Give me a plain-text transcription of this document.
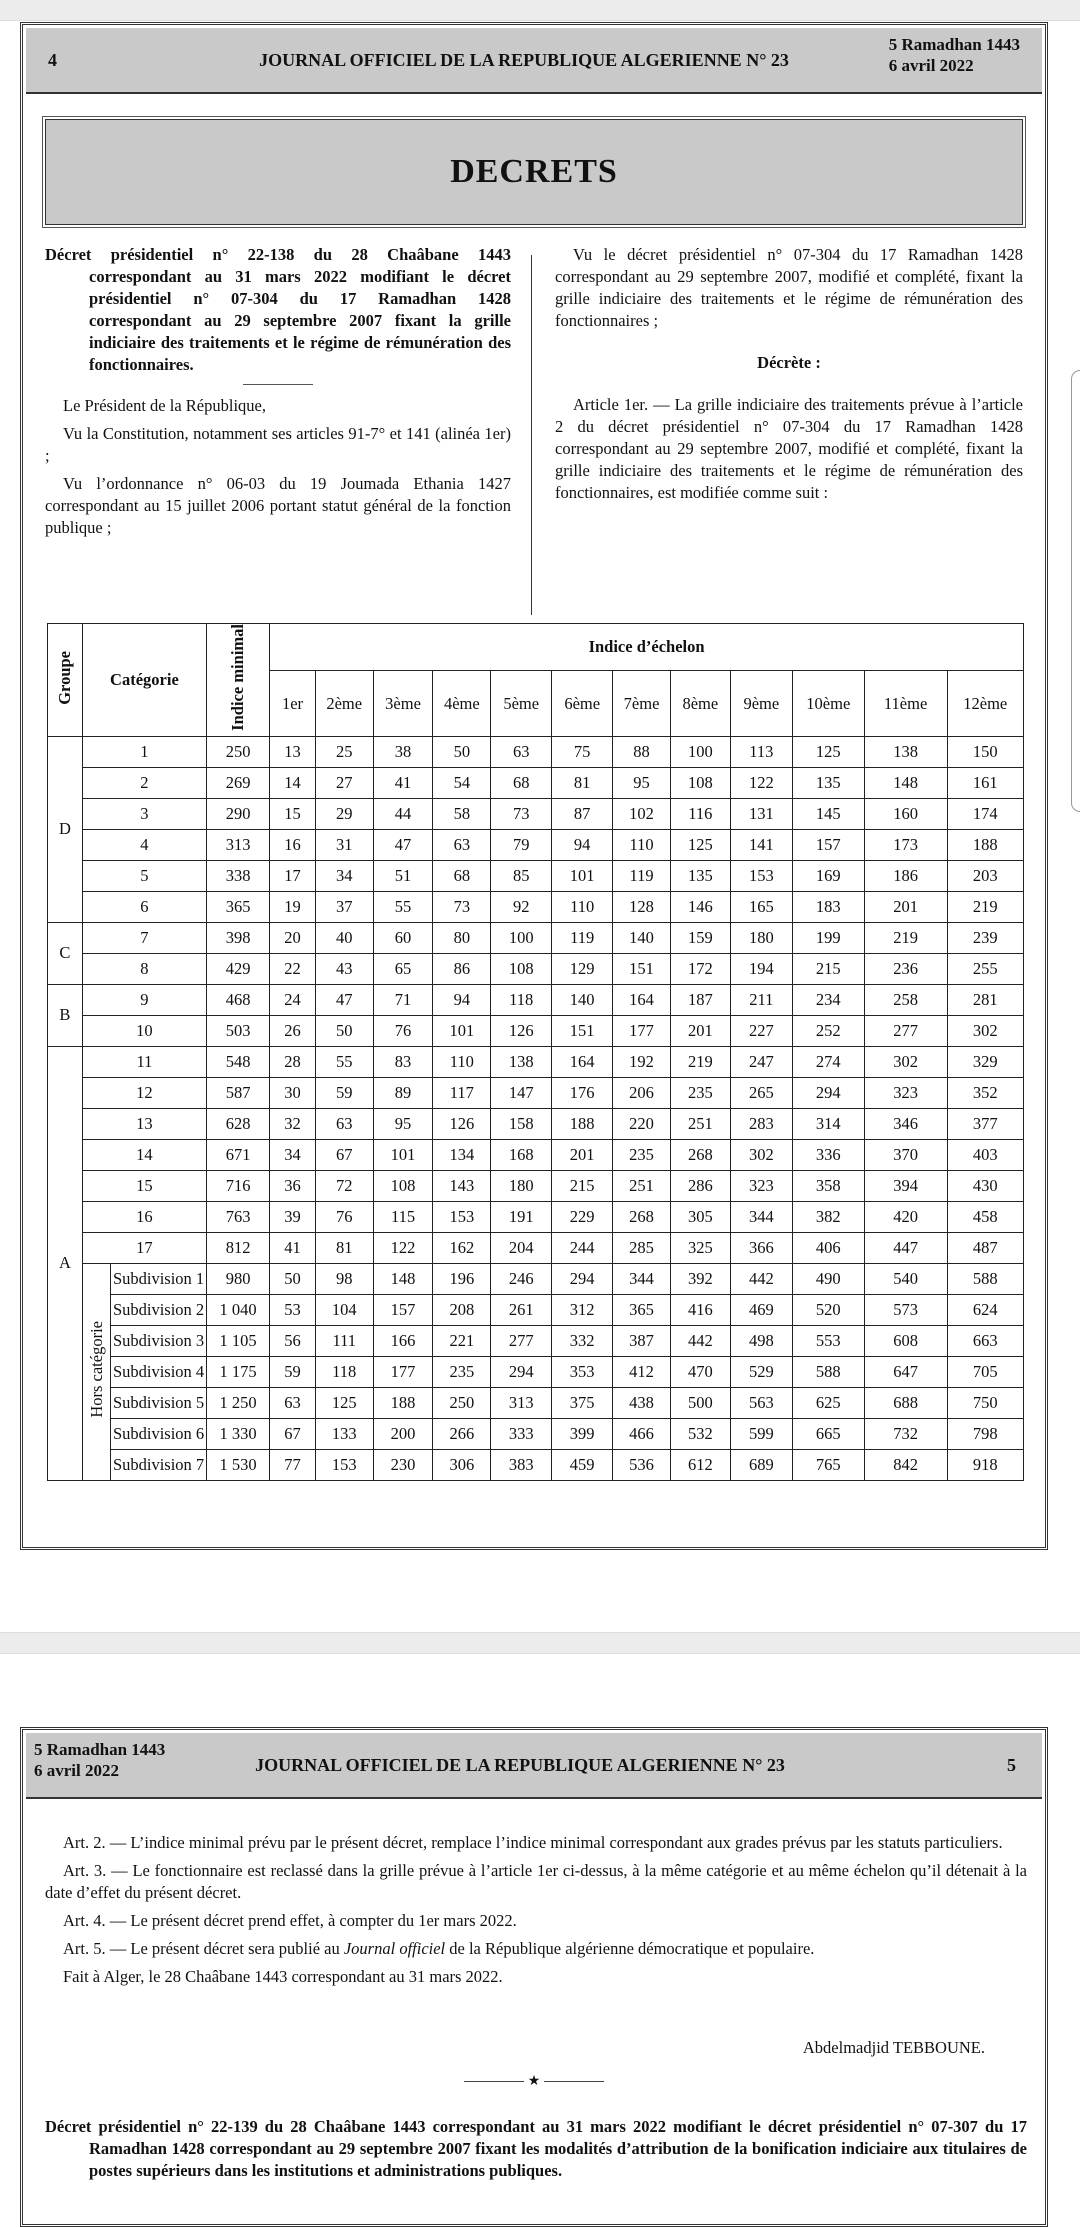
4	JOURNAL OFFICIEL DE LA REPUBLIQUE ALGERIENNE N° 23
5 Ramadhan 1443
6 avril 2022
DECRETS

Décret présidentiel n° 22-138 du 28 Chaâbane 1443 correspondant au 31 mars 2022 modifiant le décret présidentiel n° 07-304 du 17 Ramadhan 1428 correspondant au 29 septembre 2007 fixant la grille indiciaire des traitements et le régime de rémunération des fonctionnaires.

Le Président de la République,

Vu la Constitution, notamment ses articles 91-7° et 141 (alinéa 1er) ;

Vu l’ordonnance n° 06-03 du 19 Joumada Ethania 1427 correspondant au 15 juillet 2006 portant statut général de la fonction publique ;

Vu le décret présidentiel n° 07-304 du 17 Ramadhan 1428 correspondant au 29 septembre 2007, modifié et complété, fixant la grille indiciaire des traitements et le régime de rémunération des fonctionnaires ;

Décrète :

Article 1er. — La grille indiciaire des traitements prévue à l’article 2 du décret présidentiel n° 07-304 du 17 Ramadhan 1428 correspondant au 29 septembre 2007, modifié et complété, fixant la grille indiciaire des traitements et le régime de rémunération des fonctionnaires, est modifiée comme suit :

Groupe	Catégorie		Indice minimal	Indice d’échelon											
				1er	2ème	3ème	4ème	5ème	6ème	7ème	8ème	9ème	10ème	11ème	12ème
D	1		250	13	25	38	50	63	75	88	100	113	125	138	150
	2		269	14	27	41	54	68	81	95	108	122	135	148	161
	3		290	15	29	44	58	73	87	102	116	131	145	160	174
	4		313	16	31	47	63	79	94	110	125	141	157	173	188
	5		338	17	34	51	68	85	101	119	135	153	169	186	203
	6		365	19	37	55	73	92	110	128	146	165	183	201	219
C	7		398	20	40	60	80	100	119	140	159	180	199	219	239
	8		429	22	43	65	86	108	129	151	172	194	215	236	255
B	9		468	24	47	71	94	118	140	164	187	211	234	258	281
	10		503	26	50	76	101	126	151	177	201	227	252	277	302
A	11		548	28	55	83	110	138	164	192	219	247	274	302	329
	12		587	30	59	89	117	147	176	206	235	265	294	323	352
	13		628	32	63	95	126	158	188	220	251	283	314	346	377
	14		671	34	67	101	134	168	201	235	268	302	336	370	403
	15		716	36	72	108	143	180	215	251	286	323	358	394	430
	16		763	39	76	115	153	191	229	268	305	344	382	420	458
	17		812	41	81	122	162	204	244	285	325	366	406	447	487
	Hors catégorie	Subdivision 1	980	50	98	148	196	246	294	344	392	442	490	540	588
		Subdivision 2	1 040	53	104	157	208	261	312	365	416	469	520	573	624
		Subdivision 3	1 105	56	111	166	221	277	332	387	442	498	553	608	663
		Subdivision 4	1 175	59	118	177	235	294	353	412	470	529	588	647	705
		Subdivision 5	1 250	63	125	188	250	313	375	438	500	563	625	688	750
		Subdivision 6	1 330	67	133	200	266	333	399	466	532	599	665	732	798
		Subdivision 7	1 530	77	153	230	306	383	459	536	612	689	765	842	918
5 Ramadhan 1443
6 avril 2022	JOURNAL OFFICIEL DE LA REPUBLIQUE ALGERIENNE N° 23	5

Art. 2. — L’indice minimal prévu par le présent décret, remplace l’indice minimal correspondant aux grades prévus par les statuts particuliers.

Art. 3. — Le fonctionnaire est reclassé dans la grille prévue à l’article 1er ci-dessus, à la même catégorie et au même échelon qu’il détenait à la date d’effet du présent décret.

Art. 4. — Le présent décret prend effet, à compter du 1er mars 2022.

Art. 5. — Le présent décret sera publié au Journal officiel de la République algérienne démocratique et populaire.

Fait à Alger, le 28 Chaâbane 1443 correspondant au 31 mars 2022.

Abdelmadjid TEBBOUNE.
★

Décret présidentiel n° 22-139 du 28 Chaâbane 1443 correspondant au 31 mars 2022 modifiant le décret présidentiel n° 07-307 du 17 Ramadhan 1428 correspondant au 29 septembre 2007 fixant les modalités d’attribution de la bonification indiciaire aux titulaires de postes supérieurs dans les institutions et administrations publiques.
